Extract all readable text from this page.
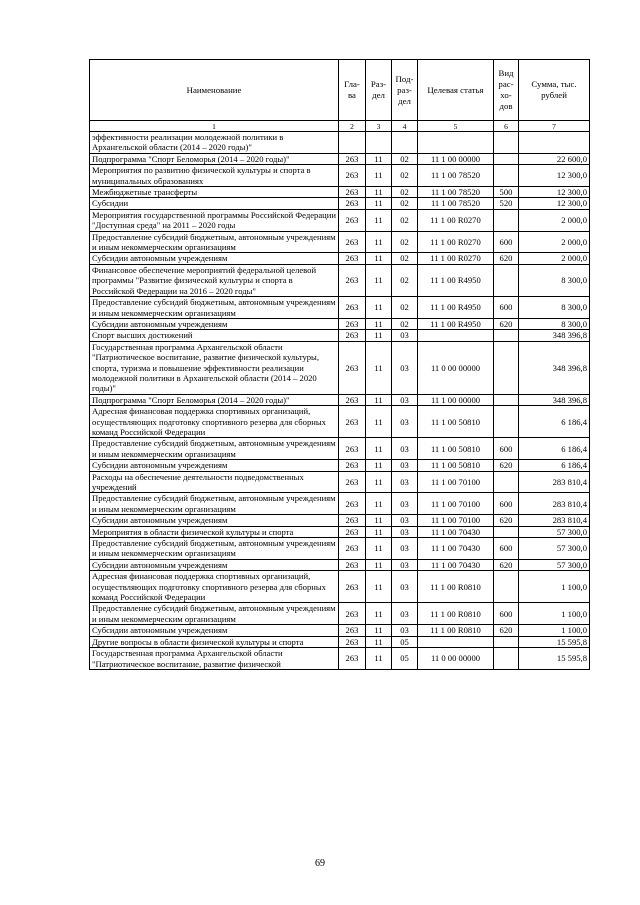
Наименование	Гла-ва	Раз-дел	Под-раз-дел	Целевая статья	Вид рас-хо-дов	Сумма, тыс. рублей
1	2	3	4	5	6	7
эффективности реализации молодежной политики в Архангельской области (2014 – 2020 годы)"						
Подпрограмма "Спорт Беломорья (2014 – 2020 годы)"	263	11	02	11 1 00 00000		22 600,0
Мероприятия по развитию физической культуры и спорта в муниципальных образованиях	263	11	02	11 1 00 78520		12 300,0
Межбюджетные трансферты	263	11	02	11 1 00 78520	500	12 300,0
Субсидии	263	11	02	11 1 00 78520	520	12 300,0
Мероприятия государственной программы Российской Федерации "Доступная среда" на 2011 – 2020 годы	263	11	02	11 1 00 R0270		2 000,0
Предоставление субсидий бюджетным, автономным учреждениям и иным некоммерческим организациям	263	11	02	11 1 00 R0270	600	2 000,0
Субсидии автономным учреждениям	263	11	02	11 1 00 R0270	620	2 000,0
Финансовое обеспечение мероприятий федеральной целевой программы "Развитие физической культуры и спорта в Российской Федерации на 2016 – 2020 годы"	263	11	02	11 1 00 R4950		8 300,0
Предоставление субсидий бюджетным, автономным учреждениям и иным некоммерческим организациям	263	11	02	11 1 00 R4950	600	8 300,0
Субсидии автономным учреждениям	263	11	02	11 1 00 R4950	620	8 300,0
Спорт высших достижений	263	11	03			348 396,8
Государственная программа Архангельской области "Патриотическое воспитание, развитие физической культуры, спорта, туризма и повышение эффективности реализации молодежной политики в Архангельской области (2014 – 2020 годы)"	263	11	03	11 0 00 00000		348 396,8
Подпрограмма "Спорт Беломорья (2014 – 2020 годы)"	263	11	03	11 1 00 00000		348 396,8
Адресная финансовая поддержка спортивных организаций, осуществляющих подготовку спортивного резерва для сборных команд Российской Федерации	263	11	03	11 1 00 50810		6 186,4
Предоставление субсидий бюджетным, автономным учреждениям и иным некоммерческим организациям	263	11	03	11 1 00 50810	600	6 186,4
Субсидии автономным учреждениям	263	11	03	11 1 00 50810	620	6 186,4
Расходы на обеспечение деятельности подведомственных учреждений	263	11	03	11 1 00 70100		283 810,4
Предоставление субсидий бюджетным, автономным учреждениям и иным некоммерческим организациям	263	11	03	11 1 00 70100	600	283 810,4
Субсидии автономным учреждениям	263	11	03	11 1 00 70100	620	283 810,4
Мероприятия в области физической культуры и спорта	263	11	03	11 1 00 70430		57 300,0
Предоставление субсидий бюджетным, автономным учреждениям и иным некоммерческим организациям	263	11	03	11 1 00 70430	600	57 300,0
Субсидии автономным учреждениям	263	11	03	11 1 00 70430	620	57 300,0
Адресная финансовая поддержка спортивных организаций, осуществляющих подготовку спортивного резерва для сборных команд Российской Федерации	263	11	03	11 1 00 R0810		1 100,0
Предоставление субсидий бюджетным, автономным учреждениям и иным некоммерческим организациям	263	11	03	11 1 00 R0810	600	1 100,0
Субсидии автономным учреждениям	263	11	03	11 1 00 R0810	620	1 100,0
Другие вопросы в области физической культуры и спорта	263	11	05			15 595,8
Государственная программа Архангельской области "Патриотическое воспитание, развитие физической	263	11	05	11 0 00 00000		15 595,8
69
